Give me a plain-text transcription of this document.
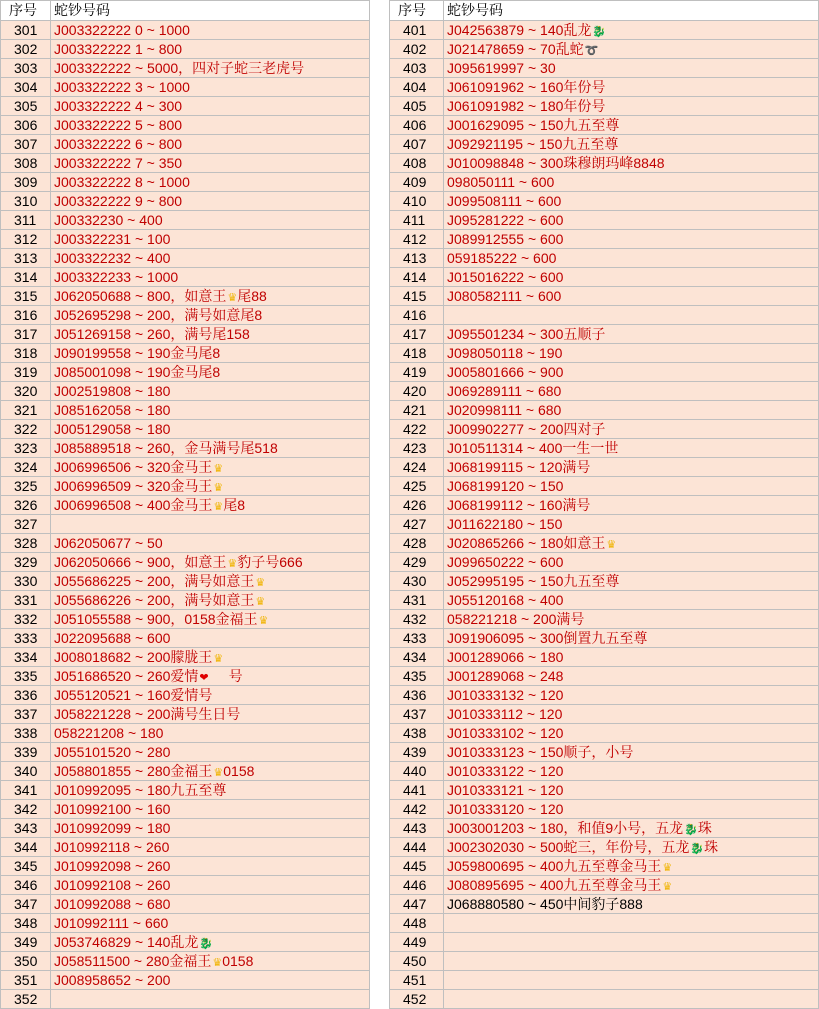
序号	蛇钞号码
301	J003322222 0 ~ 1000
302	J003322222 1 ~ 800
303	J003322222 ~ 5000，四对子蛇三老虎号
304	J003322222 3 ~ 1000
305	J003322222 4 ~ 300
306	J003322222 5 ~ 800
307	J003322222 6 ~ 800
308	J003322222 7 ~ 350
309	J003322222 8 ~ 1000
310	J003322222 9 ~ 800
311	J00332230 ~ 400
312	J003322231 ~ 100
313	J003322232 ~ 400
314	J003322233 ~ 1000
315	J062050688 ~ 800，如意王♛尾88
316	J052695298 ~ 200，满号如意尾8
317	J051269158 ~ 260，满号尾158
318	J090199558 ~ 190金马尾8
319	J085001098 ~ 190金马尾8
320	J002519808 ~ 180
321	J085162058 ~ 180
322	J005129058 ~ 180
323	J085889518 ~ 260，金马满号尾518
324	J006996506 ~ 320金马王♛
325	J006996509 ~ 320金马王♛
326	J006996508 ~ 400金马王♛尾8
327
328	J062050677 ~ 50
329	J062050666 ~ 900，如意王♛豹子号666
330	J055686225 ~ 200，满号如意王♛
331	J055686226 ~ 200，满号如意王♛
332	J051055588 ~ 900，0158金福王♛
333	J022095688 ~ 600
334	J008018682 ~ 200朦胧王♛
335	J051686520 ~ 260爱情❤ 号
336	J055120521 ~ 160爱情号
337	J058221228 ~ 200满号生日号
338	058221208 ~ 180
339	J055101520 ~ 280
340	J058801855 ~ 280金福王♛0158
341	J010992095 ~ 180九五至尊
342	J010992100 ~ 160
343	J010992099 ~ 180
344	J010992118 ~ 260
345	J010992098 ~ 260
346	J010992108 ~ 260
347	J010992088 ~ 680
348	J010992111 ~ 660
349	J053746829 ~ 140乱龙🐉
350	J058511500 ~ 280金福王♛0158
351	J008958652 ~ 200
352
序号	蛇钞号码
401	J042563879 ~ 140乱龙🐉
402	J021478659 ~ 70乱蛇➰
403	J095619997 ~ 30
404	J061091962 ~ 160年份号
405	J061091982 ~ 180年份号
406	J001629095 ~ 150九五至尊
407	J092921195 ~ 150九五至尊
408	J010098848 ~ 300珠穆朗玛峰8848
409	098050111 ~ 600
410	J099508111 ~ 600
411	J095281222 ~ 600
412	J089912555 ~ 600
413	059185222 ~ 600
414	J015016222 ~ 600
415	J080582111 ~ 600
416
417	J095501234 ~ 300五顺子
418	J098050118 ~ 190
419	J005801666 ~ 900
420	J069289111 ~ 680
421	J020998111 ~ 680
422	J009902277 ~ 200四对子
423	J010511314 ~ 400一生一世
424	J068199115 ~ 120满号
425	J068199120 ~ 150
426	J068199112 ~ 160满号
427	J011622180 ~ 150
428	J020865266 ~ 180如意王♛
429	J099650222 ~ 600
430	J052995195 ~ 150九五至尊
431	J055120168 ~ 400
432	058221218 ~ 200满号
433	J091906095 ~ 300倒置九五至尊
434	J001289066 ~ 180
435	J001289068 ~ 248
436	J010333132 ~ 120
437	J010333112 ~ 120
438	J010333102 ~ 120
439	J010333123 ~ 150顺子，小号
440	J010333122 ~ 120
441	J010333121 ~ 120
442	J010333120 ~ 120
443	J003001203 ~ 180，和值9小号，五龙🐉珠
444	J002302030 ~ 500蛇三，年份号，五龙🐉珠
445	J059800695 ~ 400九五至尊金马王♛
446	J080895695 ~ 400九五至尊金马王♛
447	J068880580 ~ 450中间豹子888
448
449
450
451
452
